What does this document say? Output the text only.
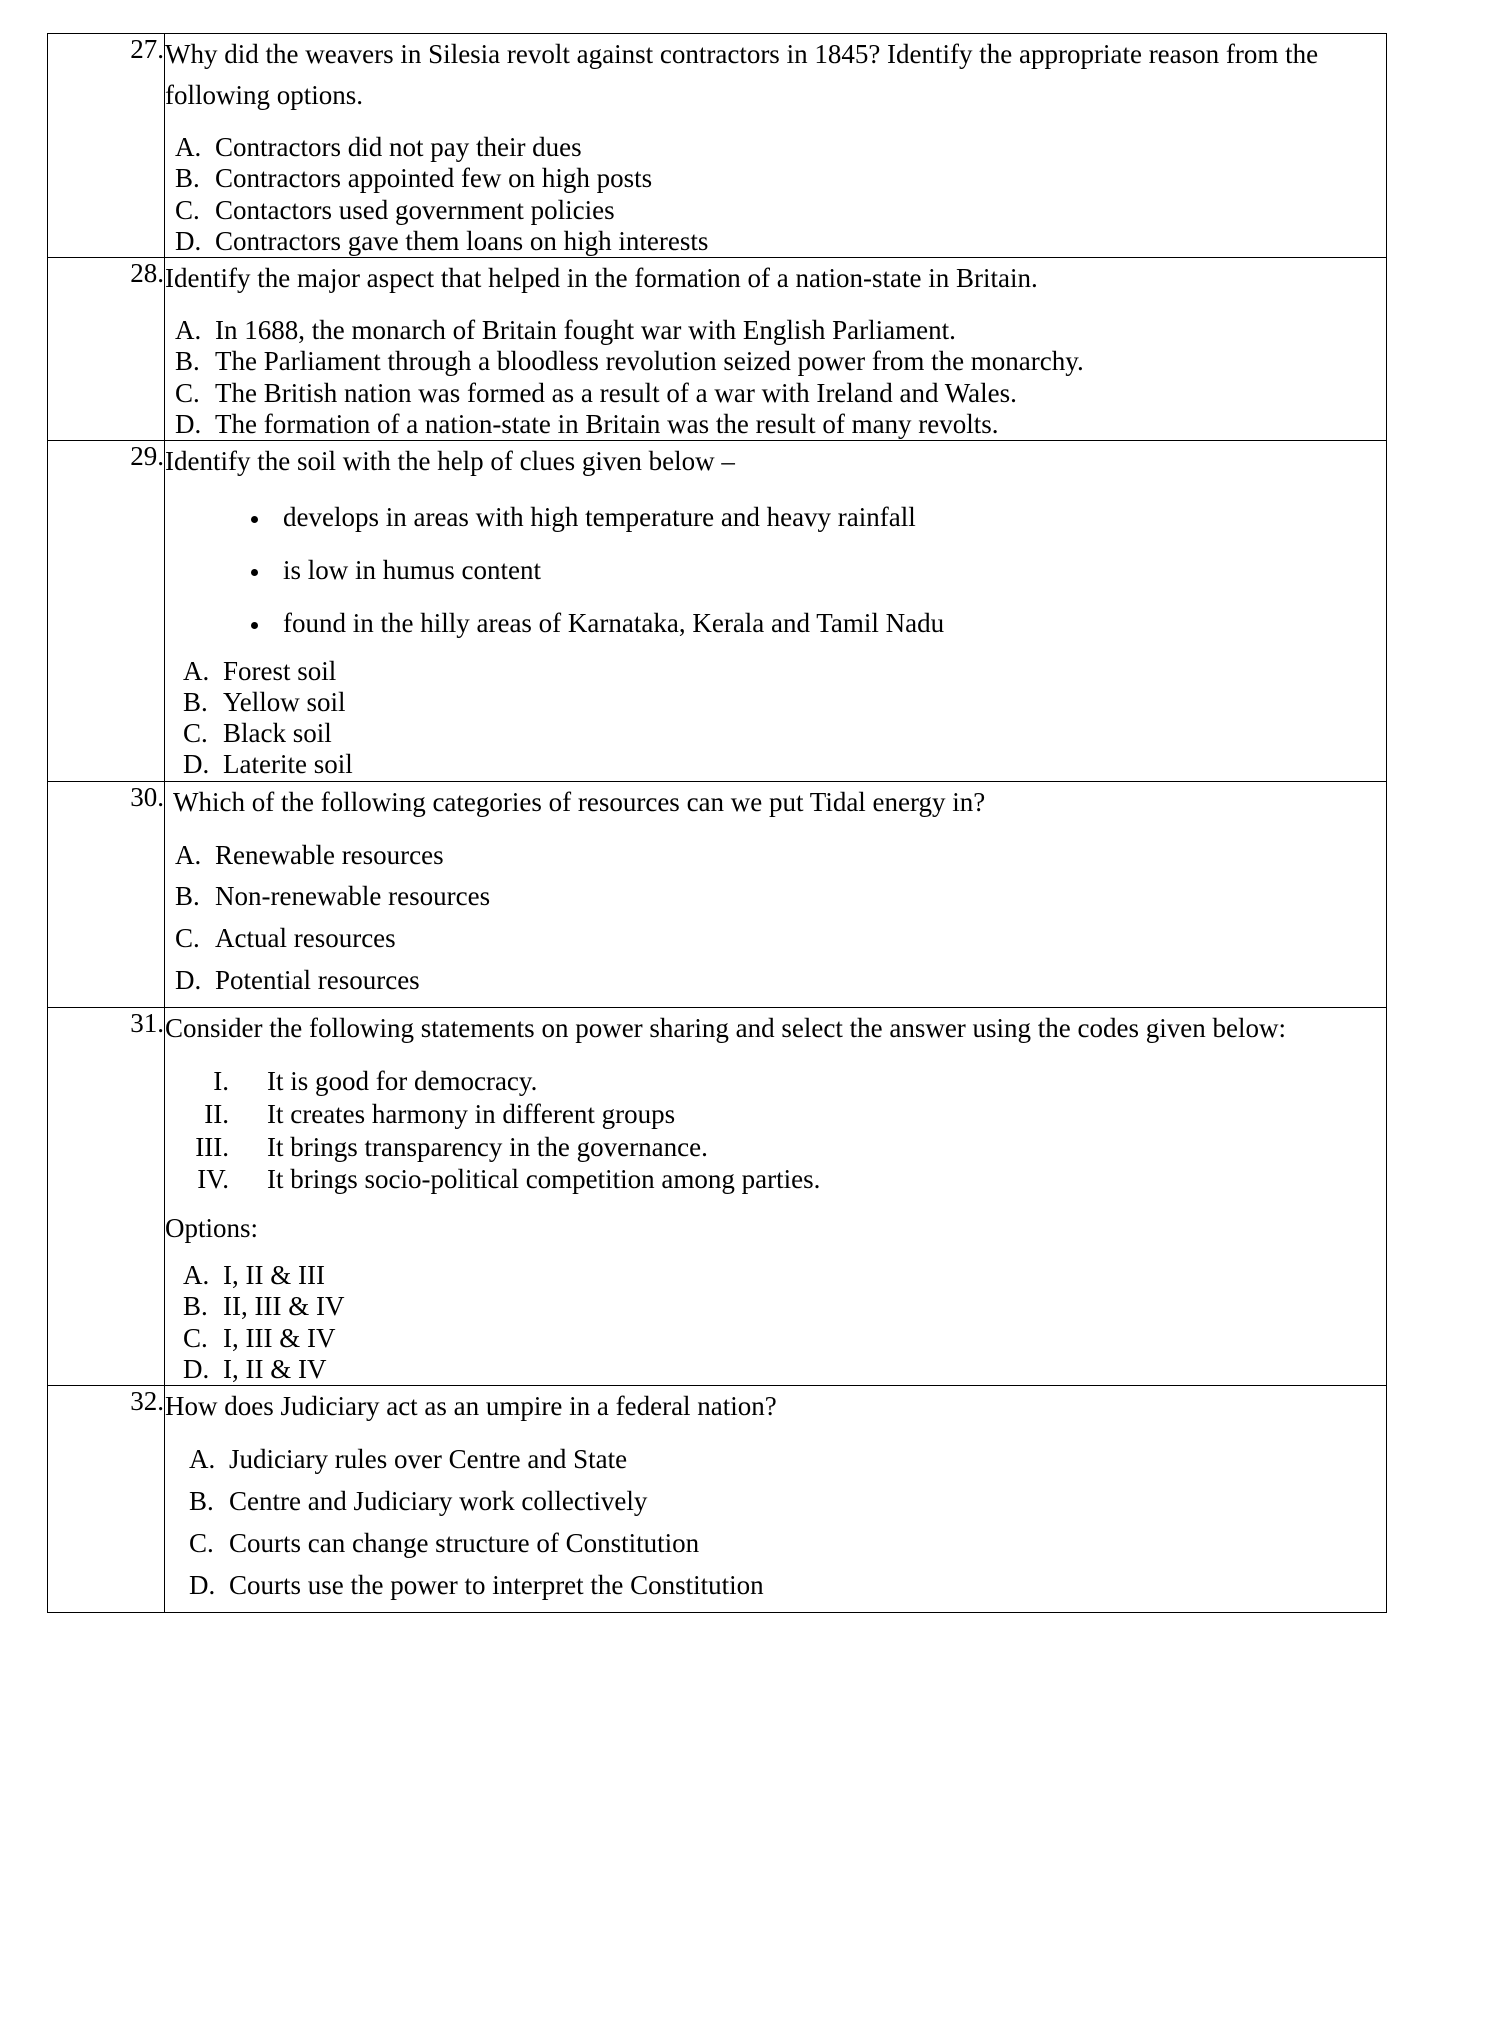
27.	Why did the weavers in Silesia revolt against contractors in 1845? Identify the appropriate reason from the following options.

A. Contractors did not pay their dues
B. Contractors appointed few on high posts
C. Contactors used government policies
D. Contractors gave them loans on high interests

28.	Identify the major aspect that helped in the formation of a nation-state in Britain.

A. In 1688, the monarch of Britain fought war with English Parliament.
B. The Parliament through a bloodless revolution seized power from the monarchy.
C. The British nation was formed as a result of a war with Ireland and Wales.
D. The formation of a nation-state in Britain was the result of many revolts.

29.	Identify the soil with the help of clues given below –

develops in areas with high temperature and heavy rainfall
is low in humus content
found in the hilly areas of Karnataka, Kerala and Tamil Nadu
A. Forest soil
B. Yellow soil
C. Black soil
D. Laterite soil

30.	Which of the following categories of resources can we put Tidal energy in?

A. Renewable resources
B. Non-renewable resources
C. Actual resources
D. Potential resources

31.	Consider the following statements on power sharing and select the answer using the codes given below:

I.	It is good for democracy.
II.	It creates harmony in different groups
III.	It brings transparency in the governance.
IV.	It brings socio-political competition among parties.

Options:

A. I, II & III
B. II, III & IV
C. I, III & IV
D. I, II & IV

32.	How does Judiciary act as an umpire in a federal nation?

A. Judiciary rules over Centre and State
B. Centre and Judiciary work collectively
C. Courts can change structure of Constitution
D. Courts use the power to interpret the Constitution
